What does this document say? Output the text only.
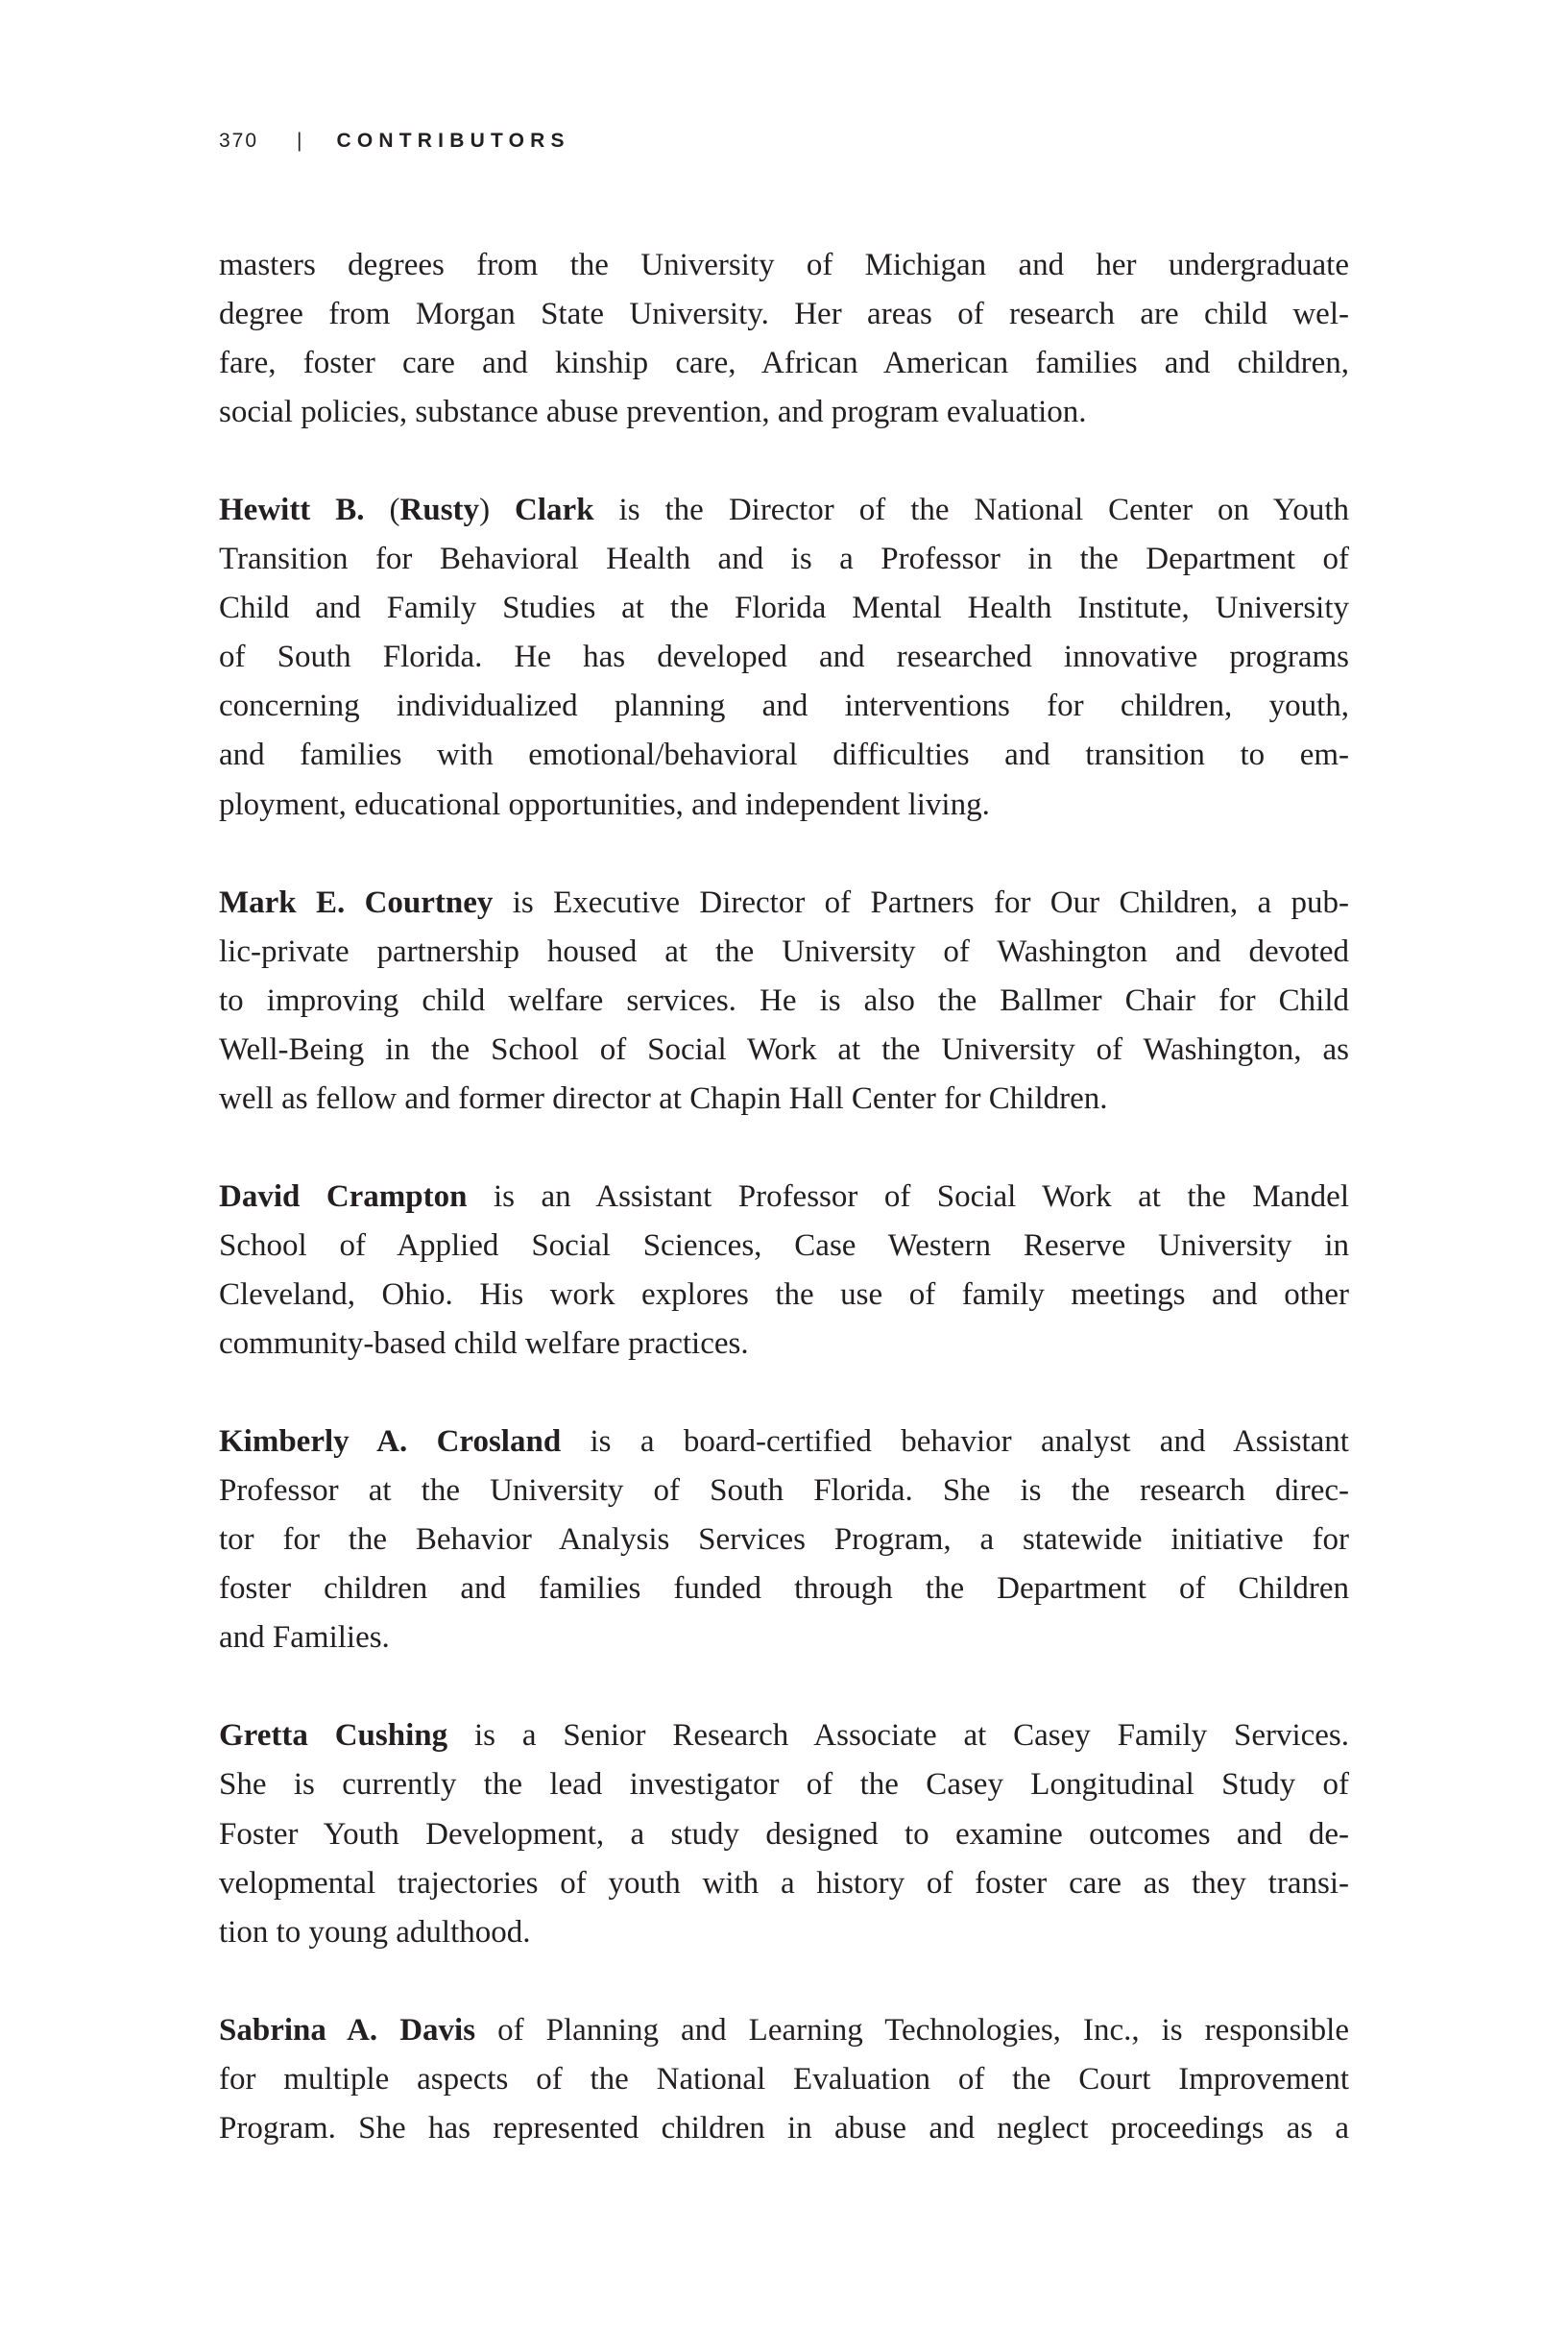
370 | CONTRIBUTORS
masters degrees from the University of Michigan and her undergraduate
degree from Morgan State University. Her areas of research are child wel-
fare, foster care and kinship care, African American families and children,
social policies, substance abuse prevention, and program evaluation.
Hewitt B. (Rusty) Clark is the Director of the National Center on Youth
Transition for Behavioral Health and is a Professor in the Department of
Child and Family Studies at the Florida Mental Health Institute, University
of South Florida. He has developed and researched innovative programs
concerning individualized planning and interventions for children, youth,
and families with emotional/behavioral difficulties and transition to em-
ployment, educational opportunities, and independent living.
Mark E. Courtney is Executive Director of Partners for Our Children, a pub-
lic-private partnership housed at the University of Washington and devoted
to improving child welfare services. He is also the Ballmer Chair for Child
Well-Being in the School of Social Work at the University of Washington, as
well as fellow and former director at Chapin Hall Center for Children.
David Crampton is an Assistant Professor of Social Work at the Mandel
School of Applied Social Sciences, Case Western Reserve University in
Cleveland, Ohio. His work explores the use of family meetings and other
community-based child welfare practices.
Kimberly A. Crosland is a board-certified behavior analyst and Assistant
Professor at the University of South Florida. She is the research direc-
tor for the Behavior Analysis Services Program, a statewide initiative for
foster children and families funded through the Department of Children
and Families.
Gretta Cushing is a Senior Research Associate at Casey Family Services.
She is currently the lead investigator of the Casey Longitudinal Study of
Foster Youth Development, a study designed to examine outcomes and de-
velopmental trajectories of youth with a history of foster care as they transi-
tion to young adulthood.
Sabrina A. Davis of Planning and Learning Technologies, Inc., is responsible
for multiple aspects of the National Evaluation of the Court Improvement
Program. She has represented children in abuse and neglect proceedings as a
